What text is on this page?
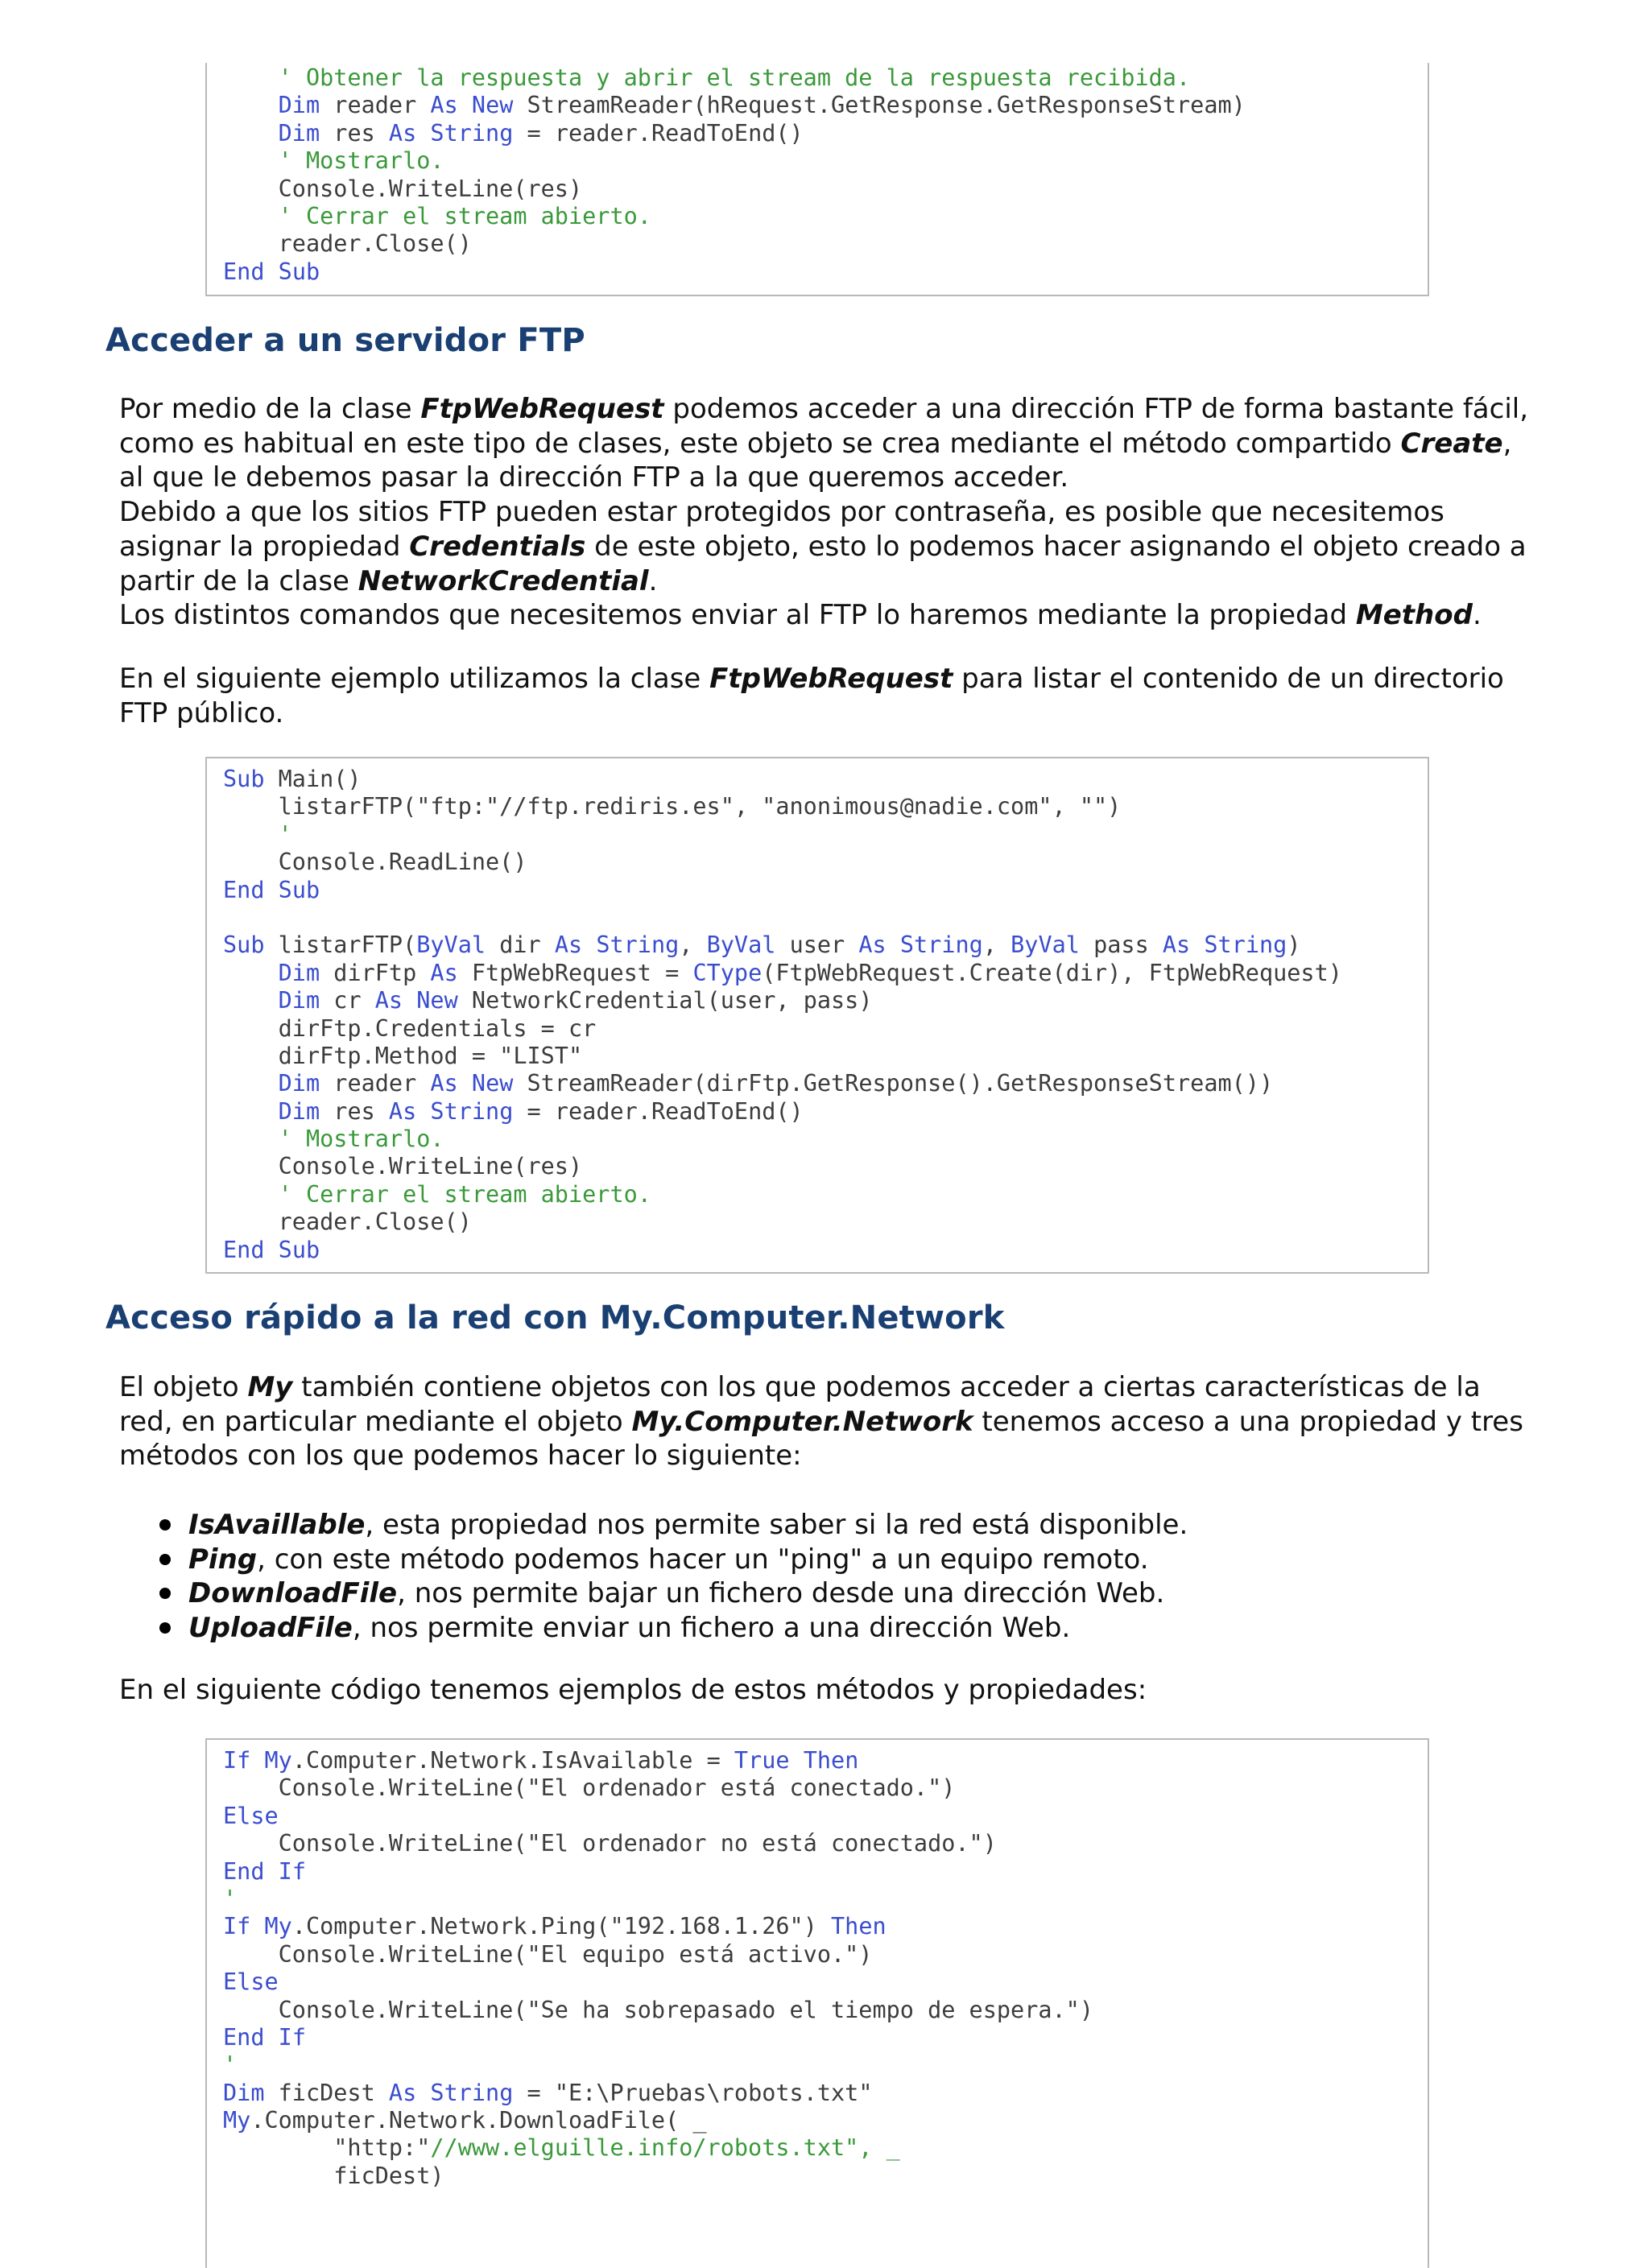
' Obtener la respuesta y abrir el stream de la respuesta recibida.
Dim reader As New StreamReader(hRequest.GetResponse.GetResponseStream)
Dim res As String = reader.ReadToEnd()
' Mostrarlo.
Console.WriteLine(res)
' Cerrar el stream abierto.
reader.Close()
End Sub
Acceder a un servidor FTP

Por medio de la clase FtpWebRequest podemos acceder a una dirección FTP de forma bastante fácil, como es habitual en este tipo de clases, este objeto se crea mediante el método compartido Create, al que le debemos pasar la dirección FTP a la que queremos acceder.
Debido a que los sitios FTP pueden estar protegidos por contraseña, es posible que necesitemos asignar la propiedad Credentials de este objeto, esto lo podemos hacer asignando el objeto creado a partir de la clase NetworkCredential.
Los distintos comandos que necesitemos enviar al FTP lo haremos mediante la propiedad Method.

En el siguiente ejemplo utilizamos la clase FtpWebRequest para listar el contenido de un directorio FTP público.

Sub Main()
listarFTP("ftp:"//ftp.rediris.es", "anonimous@nadie.com", "")
'
Console.ReadLine()
End Sub
Sub listarFTP(ByVal dir As String, ByVal user As String, ByVal pass As String)
Dim dirFtp As FtpWebRequest = CType(FtpWebRequest.Create(dir), FtpWebRequest)
Dim cr As New NetworkCredential(user, pass)
dirFtp.Credentials = cr
dirFtp.Method = "LIST"
Dim reader As New StreamReader(dirFtp.GetResponse().GetResponseStream())
Dim res As String = reader.ReadToEnd()
' Mostrarlo.
Console.WriteLine(res)
' Cerrar el stream abierto.
reader.Close()
End Sub
Acceso rápido a la red con My.Computer.Network

El objeto My también contiene objetos con los que podemos acceder a ciertas características de la red, en particular mediante el objeto My.Computer.Network tenemos acceso a una propiedad y tres métodos con los que podemos hacer lo siguiente:

IsAvaillable, esta propiedad nos permite saber si la red está disponible.
Ping, con este método podemos hacer un "ping" a un equipo remoto.
DownloadFile, nos permite bajar un fichero desde una dirección Web.
UploadFile, nos permite enviar un fichero a una dirección Web.

En el siguiente código tenemos ejemplos de estos métodos y propiedades:

If My.Computer.Network.IsAvailable = True Then
Console.WriteLine("El ordenador está conectado.")
Else
Console.WriteLine("El ordenador no está conectado.")
End If
'
If My.Computer.Network.Ping("192.168.1.26") Then
Console.WriteLine("El equipo está activo.")
Else
Console.WriteLine("Se ha sobrepasado el tiempo de espera.")
End If
'
Dim ficDest As String = "E:\Pruebas\robots.txt"
My.Computer.Network.DownloadFile( _
"http:"//www.elguille.info/robots.txt", _
ficDest)
